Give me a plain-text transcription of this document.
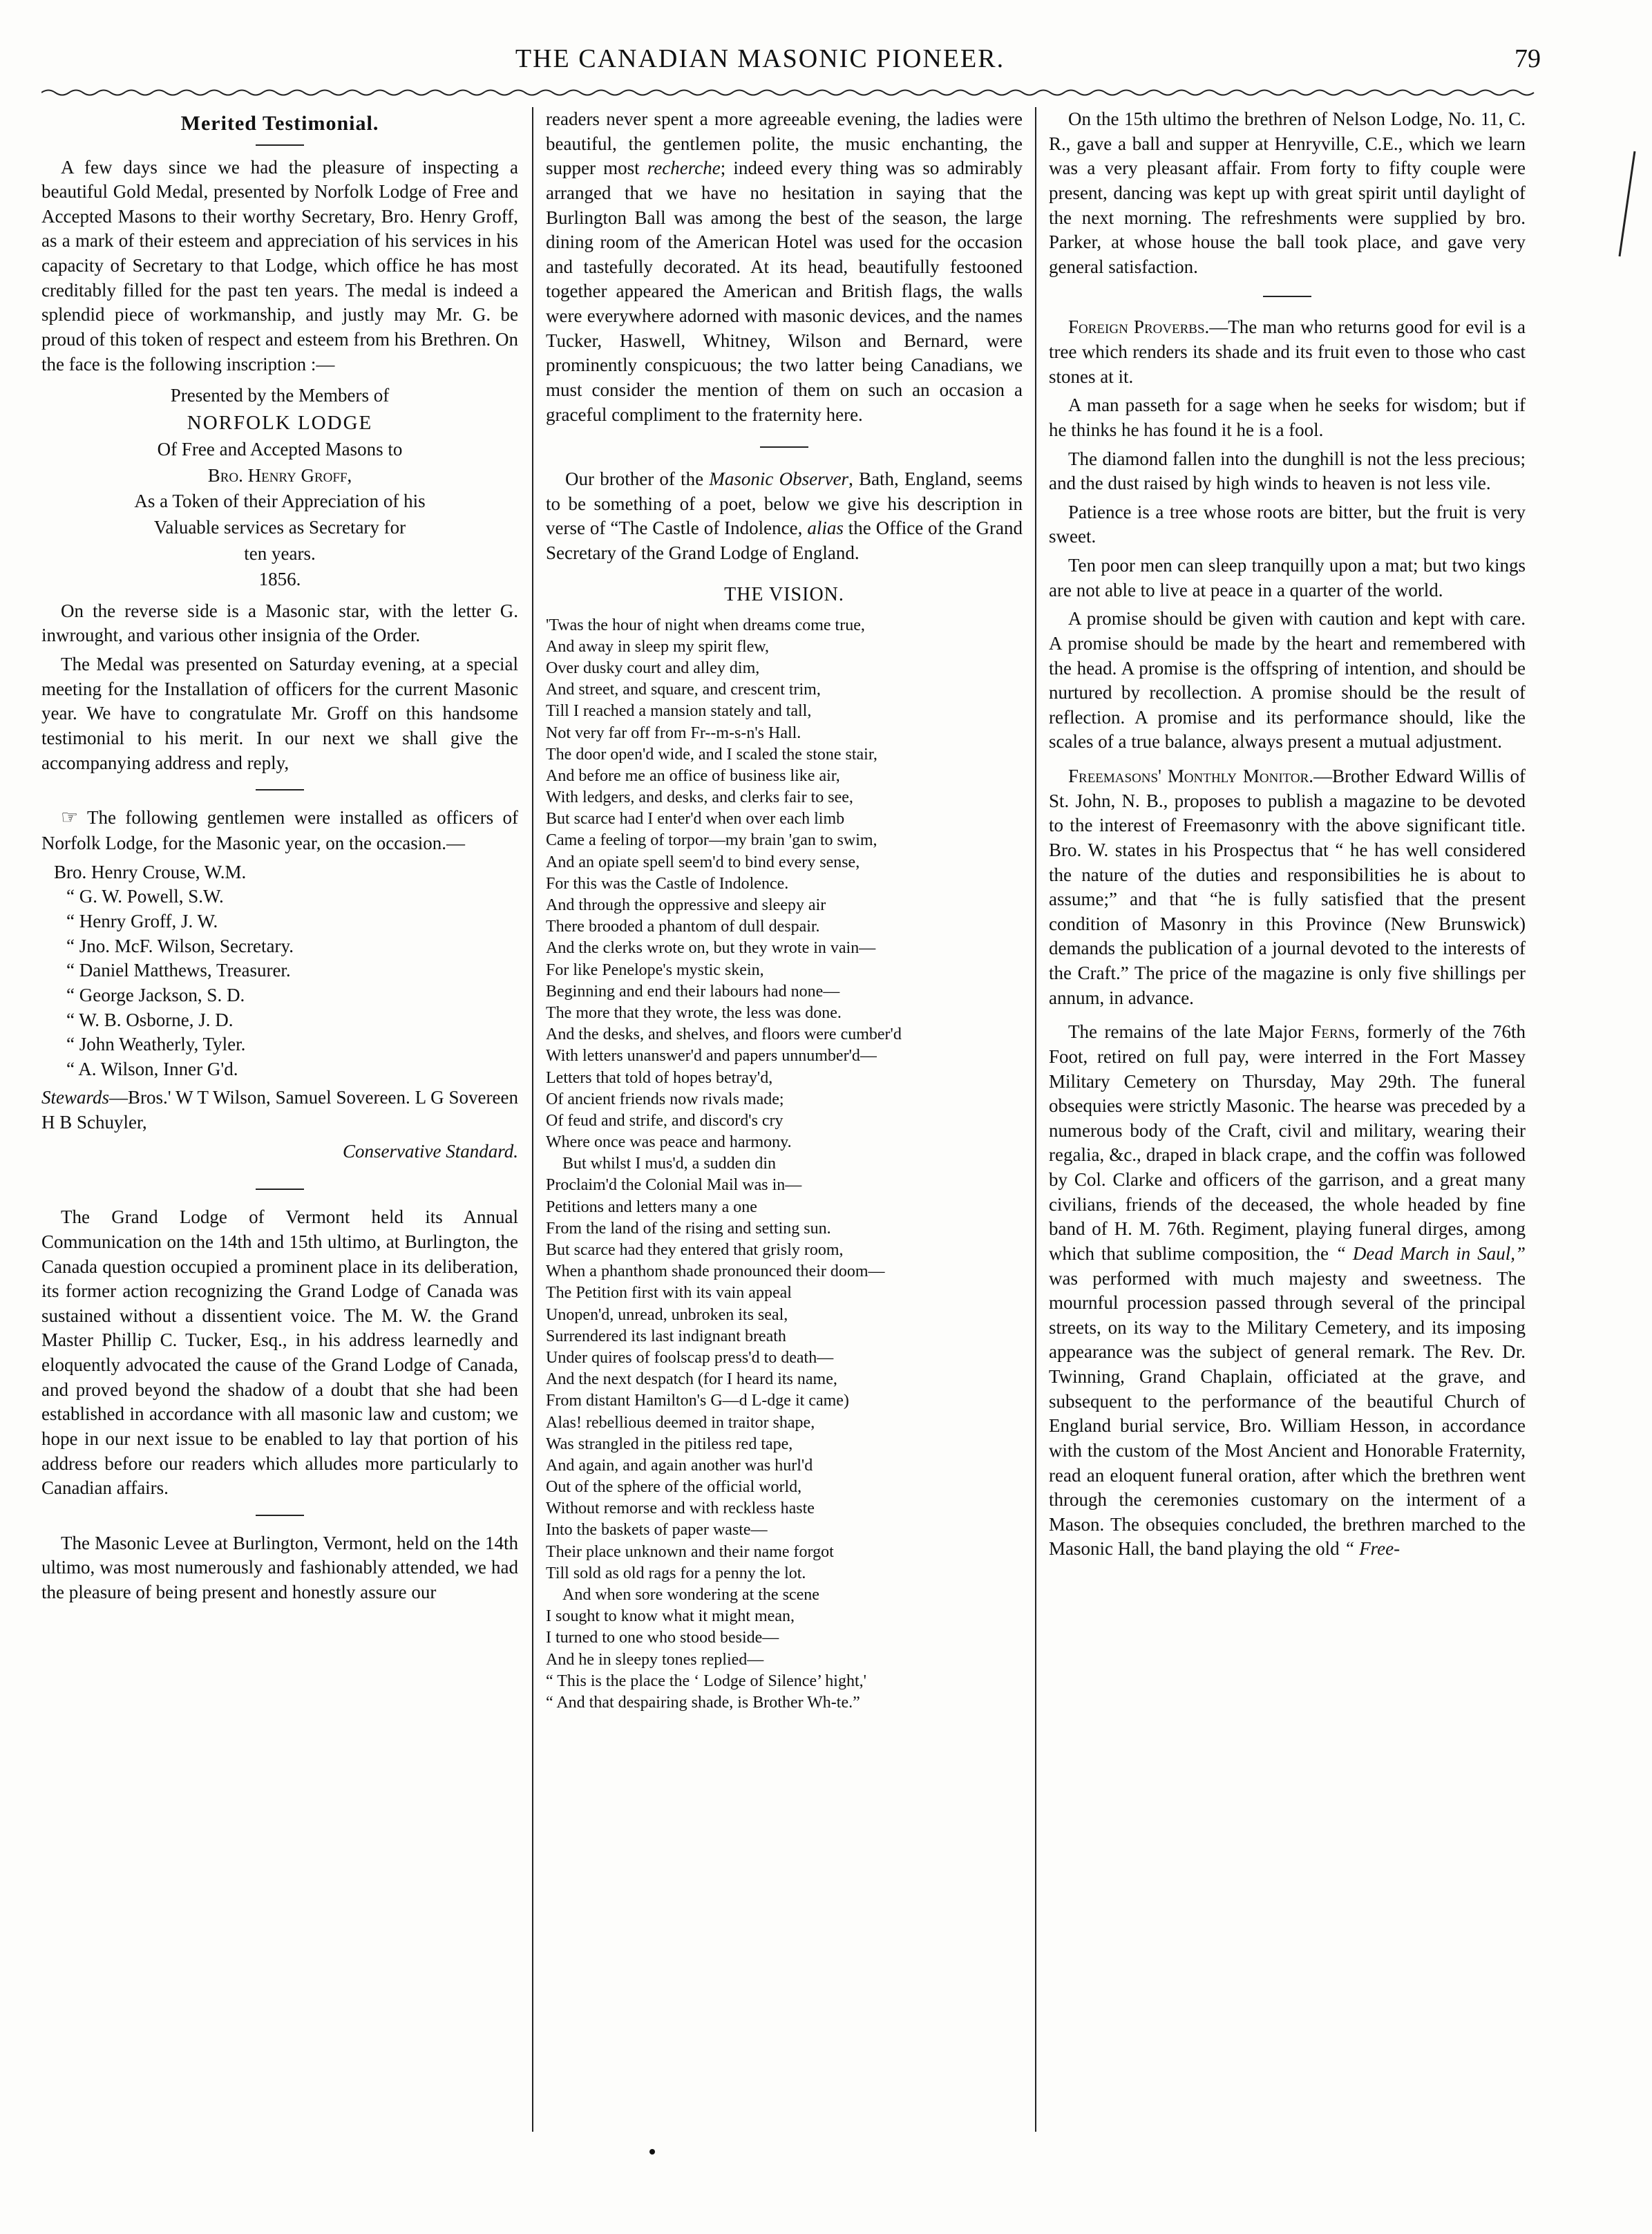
THE CANADIAN MASONIC PIONEER.	79
Merited Testimonial.

A few days since we had the pleasure of inspecting a beautiful Gold Medal, presented by Norfolk Lodge of Free and Accepted Masons to their worthy Secretary, Bro. Henry Groff, as a mark of their esteem and appreciation of his services in his capacity of Secretary to that Lodge, which office he has most creditably filled for the past ten years. The medal is indeed a splendid piece of workmanship, and justly may Mr. G. be proud of this token of respect and esteem from his Brethren. On the face is the following inscription :—

Presented by the Members of

NORFOLK LODGE

Of Free and Accepted Masons to

Bro. Henry Groff,

As a Token of their Appreciation of his

Valuable services as Secretary for

ten years.

1856.

On the reverse side is a Masonic star, with the letter G. inwrought, and various other insignia of the Order.

The Medal was presented on Saturday evening, at a special meeting for the Installation of officers for the current Masonic year. We have to congratulate Mr. Groff on this handsome testimonial to his merit. In our next we shall give the accompanying address and reply,

☞ The following gentlemen were installed as officers of Norfolk Lodge, for the Masonic year, on the occasion.—

Bro. Henry Crouse, W.M.

“ G. W. Powell, S.W.

“ Henry Groff, J. W.

“ Jno. McF. Wilson, Secretary.

“ Daniel Matthews, Treasurer.

“ George Jackson, S. D.

“ W. B. Osborne, J. D.

“ John Weatherly, Tyler.

“ A. Wilson, Inner G'd.

Stewards—Bros.' W T Wilson, Samuel Sovereen. L G Sovereen H B Schuyler,

Conservative Standard.

The Grand Lodge of Vermont held its Annual Communication on the 14th and 15th ultimo, at Burlington, the Canada question occupied a prominent place in its deliberation, its former action recognizing the Grand Lodge of Canada was sustained without a dissentient voice. The M. W. the Grand Master Phillip C. Tucker, Esq., in his address learnedly and eloquently advocated the cause of the Grand Lodge of Canada, and proved beyond the shadow of a doubt that she had been established in accordance with all masonic law and custom; we hope in our next issue to be enabled to lay that portion of his address before our readers which alludes more particularly to Canadian affairs.

The Masonic Levee at Burlington, Vermont, held on the 14th ultimo, was most numerously and fashionably attended, we had the pleasure of being present and honestly assure our

readers never spent a more agreeable evening, the ladies were beautiful, the gentlemen polite, the music enchanting, the supper most recherche; indeed every thing was so admirably arranged that we have no hesitation in saying that the Burlington Ball was among the best of the season, the large dining room of the American Hotel was used for the occasion and tastefully decorated. At its head, beautifully festooned together appeared the American and British flags, the walls were everywhere adorned with masonic devices, and the names Tucker, Haswell, Whitney, Wilson and Bernard, were prominently conspicuous; the two latter being Canadians, we must consider the mention of them on such an occasion a graceful compliment to the fraternity here.

Our brother of the Masonic Observer, Bath, England, seems to be something of a poet, below we give his description in verse of “The Castle of Indolence, alias the Office of the Grand Secretary of the Grand Lodge of England.

THE VISION.

'Twas the hour of night when dreams come true,

And away in sleep my spirit flew,

Over dusky court and alley dim,

And street, and square, and crescent trim,

Till I reached a mansion stately and tall,

Not very far off from Fr--m-s-n's Hall.

The door open'd wide, and I scaled the stone stair,

And before me an office of business like air,

With ledgers, and desks, and clerks fair to see,

But scarce had I enter'd when over each limb

Came a feeling of torpor—my brain 'gan to swim,

And an opiate spell seem'd to bind every sense,

For this was the Castle of Indolence.

And through the oppressive and sleepy air

There brooded a phantom of dull despair.

And the clerks wrote on, but they wrote in vain—

For like Penelope's mystic skein,

Beginning and end their labours had none—

The more that they wrote, the less was done.

And the desks, and shelves, and floors were cumber'd

With letters unanswer'd and papers unnumber'd—

Letters that told of hopes betray'd,

Of ancient friends now rivals made;

Of feud and strife, and discord's cry

Where once was peace and harmony.

But whilst I mus'd, a sudden din

Proclaim'd the Colonial Mail was in—

Petitions and letters many a one

From the land of the rising and setting sun.

But scarce had they entered that grisly room,

When a phanthom shade pronounced their doom—

The Petition first with its vain appeal

Unopen'd, unread, unbroken its seal,

Surrendered its last indignant breath

Under quires of foolscap press'd to death—

And the next despatch (for I heard its name,

From distant Hamilton's G—d L-dge it came)

Alas! rebellious deemed in traitor shape,

Was strangled in the pitiless red tape,

And again, and again another was hurl'd

Out of the sphere of the official world,

Without remorse and with reckless haste

Into the baskets of paper waste—

Their place unknown and their name forgot

Till sold as old rags for a penny the lot.

And when sore wondering at the scene

I sought to know what it might mean,

I turned to one who stood beside—

And he in sleepy tones replied—

“ This is the place the ‘ Lodge of Silence’ hight,'

“ And that despairing shade, is Brother Wh-te.”

On the 15th ultimo the brethren of Nelson Lodge, No. 11, C. R., gave a ball and supper at Henryville, C.E., which we learn was a very pleasant affair. From forty to fifty couple were present, dancing was kept up with great spirit until daylight of the next morning. The refreshments were supplied by bro. Parker, at whose house the ball took place, and gave very general satisfaction.

Foreign Proverbs.—The man who returns good for evil is a tree which renders its shade and its fruit even to those who cast stones at it.

A man passeth for a sage when he seeks for wisdom; but if he thinks he has found it he is a fool.

The diamond fallen into the dunghill is not the less precious; and the dust raised by high winds to heaven is not less vile.

Patience is a tree whose roots are bitter, but the fruit is very sweet.

Ten poor men can sleep tranquilly upon a mat; but two kings are not able to live at peace in a quarter of the world.

A promise should be given with caution and kept with care. A promise should be made by the heart and remembered with the head. A promise is the offspring of intention, and should be nurtured by recollection. A promise should be the result of reflection. A promise and its performance should, like the scales of a true balance, always present a mutual adjustment.

Freemasons' Monthly Monitor.—Brother Edward Willis of St. John, N. B., proposes to publish a magazine to be devoted to the interest of Freemasonry with the above significant title. Bro. W. states in his Prospectus that “ he has well considered the nature of the duties and responsibilities he is about to assume;” and that “he is fully satisfied that the present condition of Masonry in this Province (New Brunswick) demands the publication of a journal devoted to the interests of the Craft.” The price of the magazine is only five shillings per annum, in advance.

The remains of the late Major Ferns, formerly of the 76th Foot, retired on full pay, were interred in the Fort Massey Military Cemetery on Thursday, May 29th. The funeral obsequies were strictly Masonic. The hearse was preceded by a numerous body of the Craft, civil and military, wearing their regalia, &c., draped in black crape, and the coffin was followed by Col. Clarke and officers of the garrison, and a great many civilians, friends of the deceased, the whole headed by fine band of H. M. 76th. Regiment, playing funeral dirges, among which that sublime composition, the “ Dead March in Saul,” was performed with much majesty and sweetness. The mournful procession passed through several of the principal streets, on its way to the Military Cemetery, and its imposing appearance was the subject of general remark. The Rev. Dr. Twinning, Grand Chaplain, officiated at the grave, and subsequent to the performance of the beautiful Church of England burial service, Bro. William Hesson, in accordance with the custom of the Most Ancient and Honorable Fraternity, read an eloquent funeral oration, after which the brethren went through the ceremonies customary on the interment of a Mason. The obsequies concluded, the brethren marched to the Masonic Hall, the band playing the old “ Free-
